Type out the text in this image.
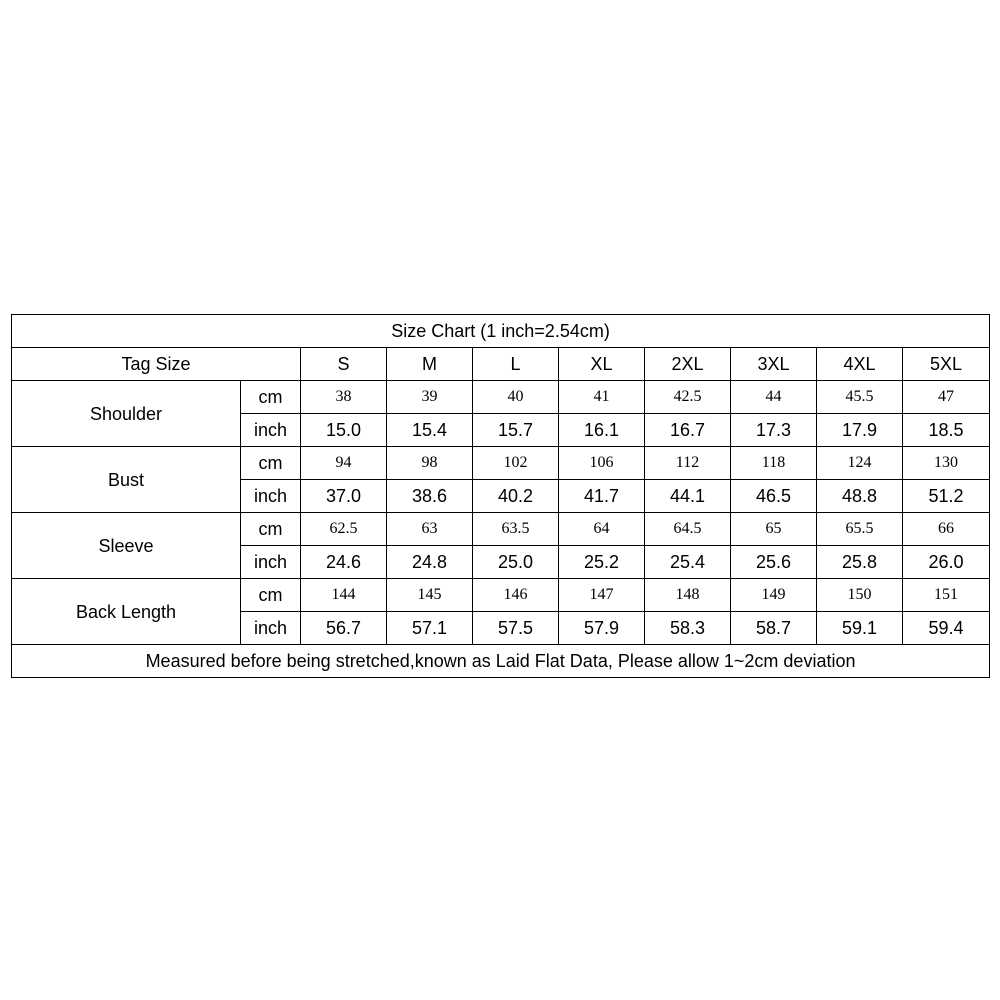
Size Chart (1 inch=2.54cm)									
Tag Size		S	M	L	XL	2XL	3XL	4XL	5XL
Shoulder	cm	38	39	40	41	42.5	44	45.5	47
	inch	15.0	15.4	15.7	16.1	16.7	17.3	17.9	18.5
Bust	cm	94	98	102	106	112	118	124	130
	inch	37.0	38.6	40.2	41.7	44.1	46.5	48.8	51.2
Sleeve	cm	62.5	63	63.5	64	64.5	65	65.5	66
	inch	24.6	24.8	25.0	25.2	25.4	25.6	25.8	26.0
Back Length	cm	144	145	146	147	148	149	150	151
	inch	56.7	57.1	57.5	57.9	58.3	58.7	59.1	59.4
Measured before being stretched,known as Laid Flat Data, Please allow 1~2cm deviation									
